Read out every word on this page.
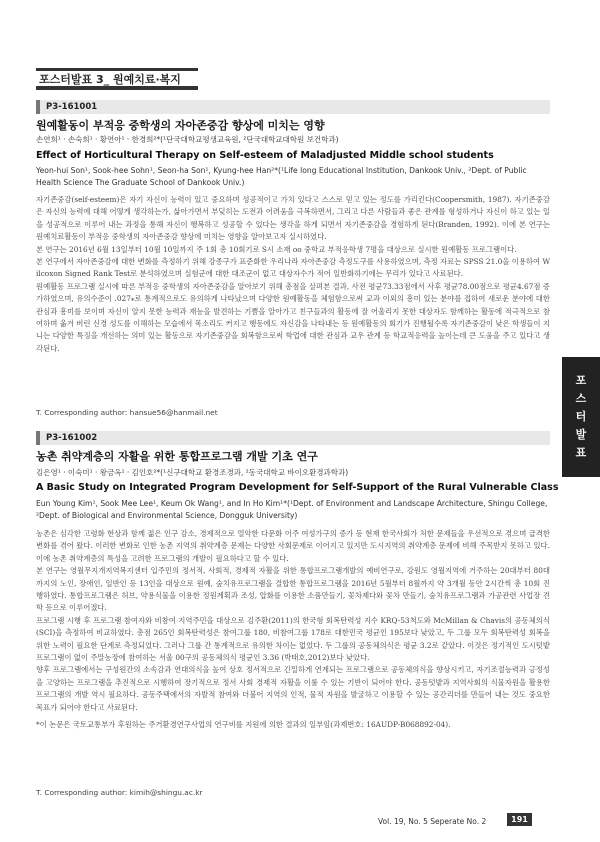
포스터발표 3_ 원예치료·복지
P3-161001
원예활동이 부적응 중학생의 자아존중감 향상에 미치는 영향
손연희¹ · 손숙희¹ · 황연아¹ · 한경희²*(¹단국대학교평생교육원, ²단국대학교대학원 보건학과)
Effect of Horticultural Therapy on Self-esteem of Maladjusted Middle school students
Yeon-hui Son¹, Sook-hee Sohn¹, Seon-ha Son¹, Kyung-hee Han²*(¹Life long Educational Institution, Dankook Univ., ²Dept. of Public Health Science The Graduate School of Dankook Univ.)

자기존중감(self-esteem)은 자기 자신이 능력이 있고 중요하며 성공적이고 가치 있다고 스스로 믿고 있는 정도를 가리킨다(Coopersmith, 1987). 자기존중감은 자신의 능력에 대해 어떻게 생각하는가, 삶아가면서 부딪히는 도전과 어려움을 극복하면서, 그리고 다른 사람들과 좋은 관계를 형성하거나 자신이 하고 있는 일을 성공적으로 이루어 내는 과정을 통해 자신이 행복하고 성공할 수 있다는 생각을 하게 되면서 자기존중감을 경험하게 된다(Branden, 1992). 이에 본 연구는 원예치료활동이 부적응 중학생의 자아존중감 향상에 미치는 영향을 알아보고자 실시하였다.

본 연구는 2016년 6월 13일부터 10월 10일까지 주 1회 총 10회기로 S시 소재 oo 중학교 부적응학생 7명을 대상으로 실시한 원예활동 프로그램이다.

본 연구에서 자아존중감에 대한 변화를 측정하기 위해 강종구가 표준화한 우리나라 자아존중감 측정도구를 사용하였으며, 측정 자료는 SPSS 21.0을 이용하여 Wilcoxon Signed Rank Test로 분석하였으며 실험군에 대한 대조군이 없고 대상자수가 적어 일반화하기에는 무리가 있다고 사료된다.

원예활동 프로그램 실시에 따른 부적응 중학생의 자아존중감을 알아보기 위해 총점을 살펴본 결과, 사전 평균73.33점에서 사후 평균78.00점으로 평균4.67점 증가하였으며, 유의수준이 .027⁎로 통계적으로도 유의하게 나타났으며 다양한 원예활동을 체험함으로써 교과 이외의 흥미 있는 분야를 접하여 새로운 분야에 대한 관심과 흥미를 보이며 자신이 알지 못한 능력과 재능을 발견하는 기쁨을 알아가고 친구들과의 활동에 잘 어울리지 못한 대상자도 함께하는 활동에 적극적으로 참여하며 옮겨 버린 신경 성도를 이해하는 모습에서 목소리도 커지고 행동에도 자신감을 나타내는 등 원예활동의 회기가 진행될수록 자기존중감이 낮은 학생들이 지니는 다양한 특징을 개선하는 의미 있는 활동으로 자기존중감을 회복함으로써 학업에 대한 관심과 교우 관계 등 학교적응력을 높이는데 큰 도움을 주고 있다고 생각된다.

T. Corresponding author: hansue56@hanmail.net
P3-161002
농촌 취약계층의 자활을 위한 통합프로그램 개발 기초 연구
김은영¹ · 이숙미¹ · 왕금옥¹ · 김인호²*(¹신구대학교 환경조경과, ²동국대학교 바이오환경과학과)
A Basic Study on Integrated Program Development for Self-Support of the Rural Vulnerable Class
Eun Young Kim¹, Sook Mee Lee¹, Keum Ok Wang¹, and In Ho Kim¹*(¹Dept. of Environment and Landscape Architecture, Shingu College, ²Dept. of Biological and Environmental Science, Dongguk University)

농촌은 심각한 고령화 현상과 함께 젊은 인구 감소, 경제적으로 열악한 다문화 이주 여성가구의 증가 등 현재 한국사회가 처한 문제들을 우선적으로 겪으며 급격한 변화를 겪어 왔다. 이러한 변화로 인한 농촌 지역의 취약계층 문제는 다양한 사회문제로 이어지고 있지만 도시지역의 취약계층 문제에 비해 주목받지 못하고 있다. 이에 농촌 취약계층의 특성을 고려한 프로그램의 개발이 필요하다고 할 수 있다.

본 연구는 영월무지개지역복지센터 입주민의 정서적, 사회적, 경제적 자활을 위한 통합프로그램개발의 예비연구로, 강원도 영월지역에 거주하는 20대부터 80대까지의 노인, 장애인, 일반인 등 13인을 대상으로 원예, 숲치유프로그램을 결합한 통합프로그램을 2016년 5월부터 8월까지 약 3개월 동안 2시간씩 총 10회 진행하였다. 통합프로그램은 허브, 약용식물을 이용한 정원계획과 조성, 압화를 이용한 소품만들기, 꽃차제다와 꽃차 만들기, 숲치유프로그램과 가공관련 사업장 견학 등으로 이루어졌다.

프로그램 시행 후 프로그램 참여자와 비참여 지역주민을 대상으로 김주환(2011)의 한국형 회복탄력성 지수 KRQ-53척도와 McMillan & Chavis의 공동체의식(SCI)을 측정하여 비교하였다. 총점 265인 회복탄력성은 참여그룹 180, 비참여그룹 178로 대한민국 평균인 195보다 낮았고, 두 그룹 모두 회복탄력성 회복을 위한 노력이 필요한 단계로 측정되었다. 그러나 그룹 간 통계적으로 유의한 차이는 없었다. 두 그룹의 공동체의식은 평균 3.2로 같았다. 이것은 정기적인 도시텃밭 프로그램이 없이 주말농장에 참여하는 서울 00구의 공동체의식 평균인 3.36 (박태호,2012)보다 낮았다.

향후 프로그램에서는 구성원간의 소속감과 연대의식을 높여 상호 정서적으로 긴밀하게 연계되는 프로그램으로 공동체의식을 향상시키고, 자기조절능력과 긍정성을 고양하는 프로그램을 추진적으로 시행하여 장기적으로 정서 사회 경제적 자활을 이룰 수 있는 기반이 되어야 한다. 공동텃밭과 지역사회의 식물자원을 활용한 프로그램의 개발 역시 필요하다. 공동주택에서의 자발적 참여와 더불어 지역의 인적, 물적 자원을 발굴하고 이용할 수 있는 공간리더를 만들어 내는 것도 중요한 목표가 되어야 한다고 사료된다.

*이 논문은 국토교통부가 후원하는 주거환경연구사업의 연구비를 지원에 의한 결과의 일부임(과제번호: 16AUDP-B068892-04).

T. Corresponding author: kimih@shingu.ac.kr
포
스
터
발
표
Vol. 19, No. 5 Seperate No. 2	191
